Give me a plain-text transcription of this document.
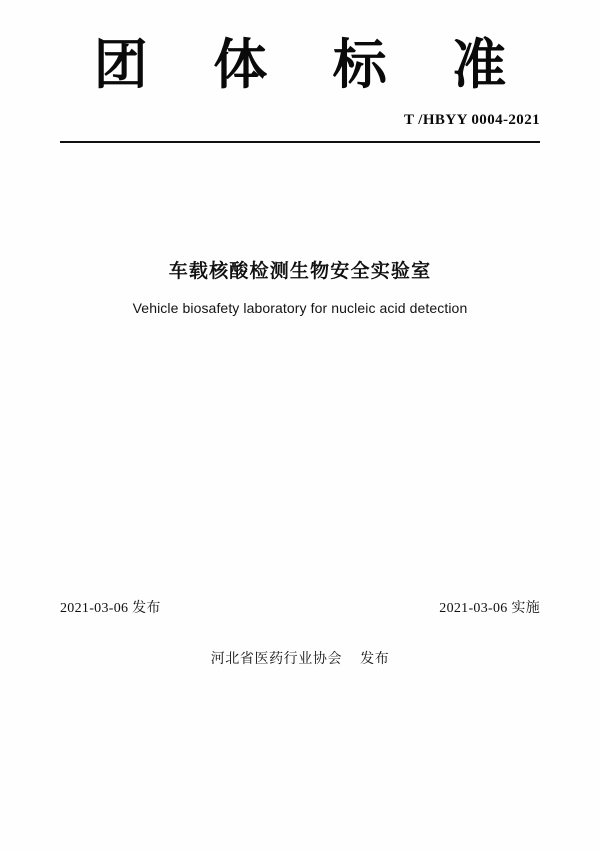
团 体 标 准
T /HBYY 0004-2021
车载核酸检测生物安全实验室
Vehicle biosafety laboratory for nucleic acid detection
2021-03-06 发布	2021-03-06 实施
河北省医药行业协会 发布
